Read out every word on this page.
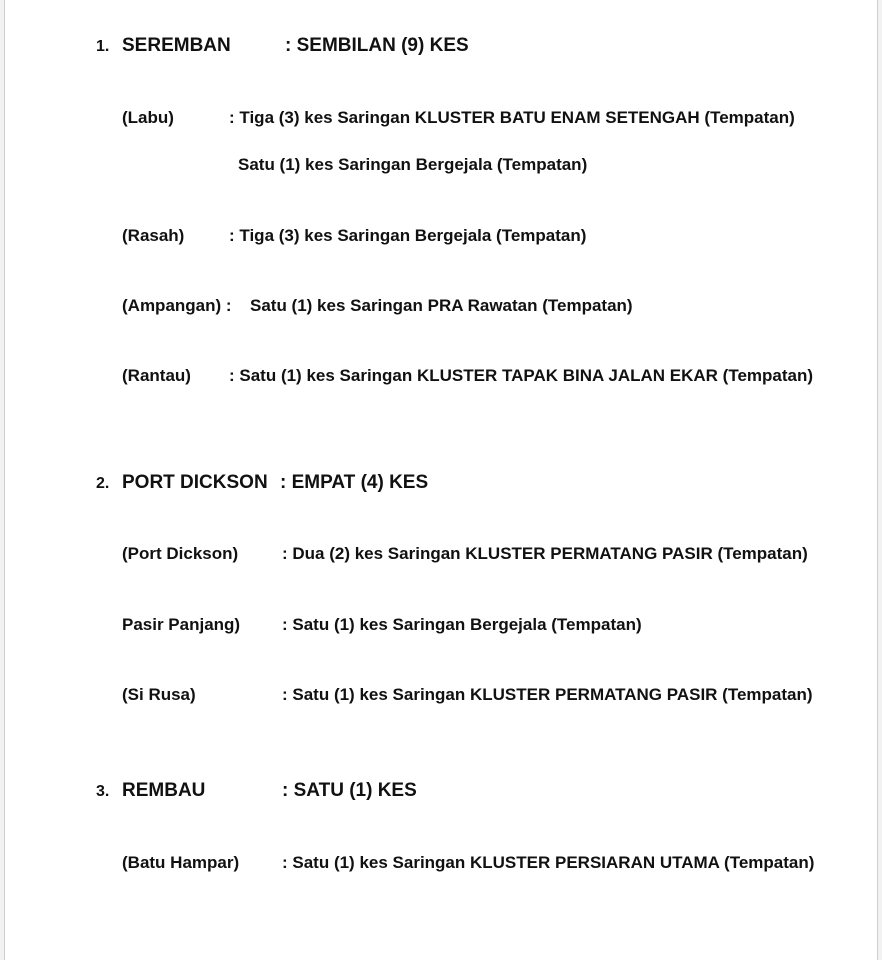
1. SEREMBAN	: SEMBILAN (9) KES
(Labu)	: Tiga (3) kes Saringan KLUSTER BATU ENAM SETENGAH (Tempatan)
Satu (1) kes Saringan Bergejala (Tempatan)
(Rasah)	: Tiga (3) kes Saringan Bergejala (Tempatan)
(Ampangan) : Satu (1) kes Saringan PRA Rawatan (Tempatan)
(Rantau) : Satu (1) kes Saringan KLUSTER TAPAK BINA JALAN EKAR (Tempatan)
2. PORT DICKSON : EMPAT (4) KES
(Port Dickson)	: Dua (2) kes Saringan KLUSTER PERMATANG PASIR (Tempatan)
Pasir Panjang) : Satu (1) kes Saringan Bergejala (Tempatan)
(Si Rusa)	: Satu (1) kes Saringan KLUSTER PERMATANG PASIR (Tempatan)
3. REMBAU	: SATU (1) KES
(Batu Hampar)	: Satu (1) kes Saringan KLUSTER PERSIARAN UTAMA (Tempatan)
